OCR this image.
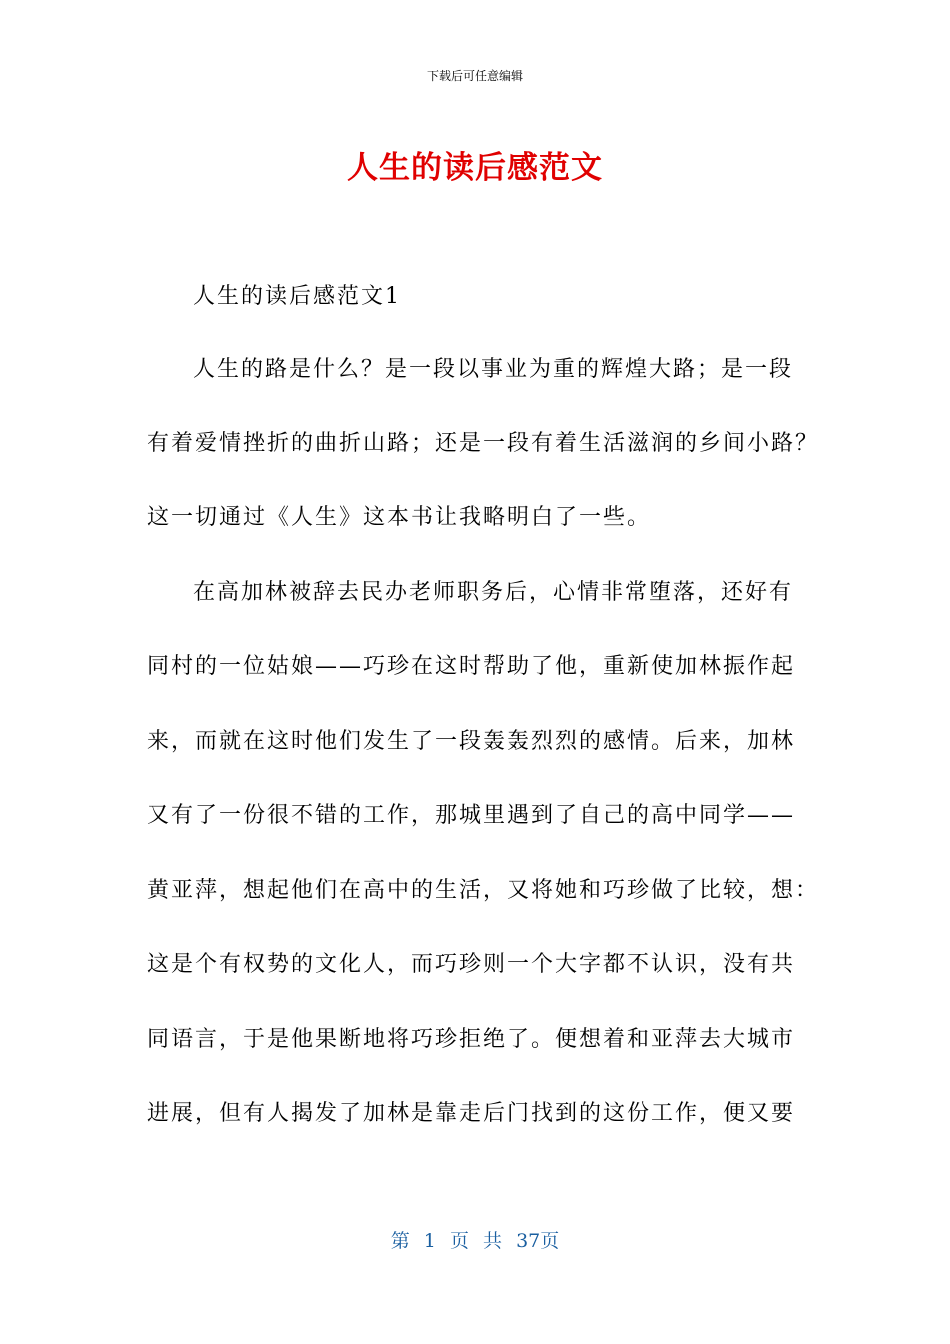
下载后可任意编辑
人生的读后感范文
人生的读后感范文1
人生的路是什么？是一段以事业为重的辉煌大路；是一段
有着爱情挫折的曲折山路；还是一段有着生活滋润的乡间小路？
这一切通过《人生》这本书让我略明白了一些。
在高加林被辞去民办老师职务后，心情非常堕落，还好有
同村的一位姑娘——巧珍在这时帮助了他，重新使加林振作起
来，而就在这时他们发生了一段轰轰烈烈的感情。后来，加林
又有了一份很不错的工作，那城里遇到了自己的高中同学——
黄亚萍，想起他们在高中的生活，又将她和巧珍做了比较，想：
这是个有权势的文化人，而巧珍则一个大字都不认识，没有共
同语言，于是他果断地将巧珍拒绝了。便想着和亚萍去大城市
进展，但有人揭发了加林是靠走后门找到的这份工作，便又要
第 1 页 共 37页
